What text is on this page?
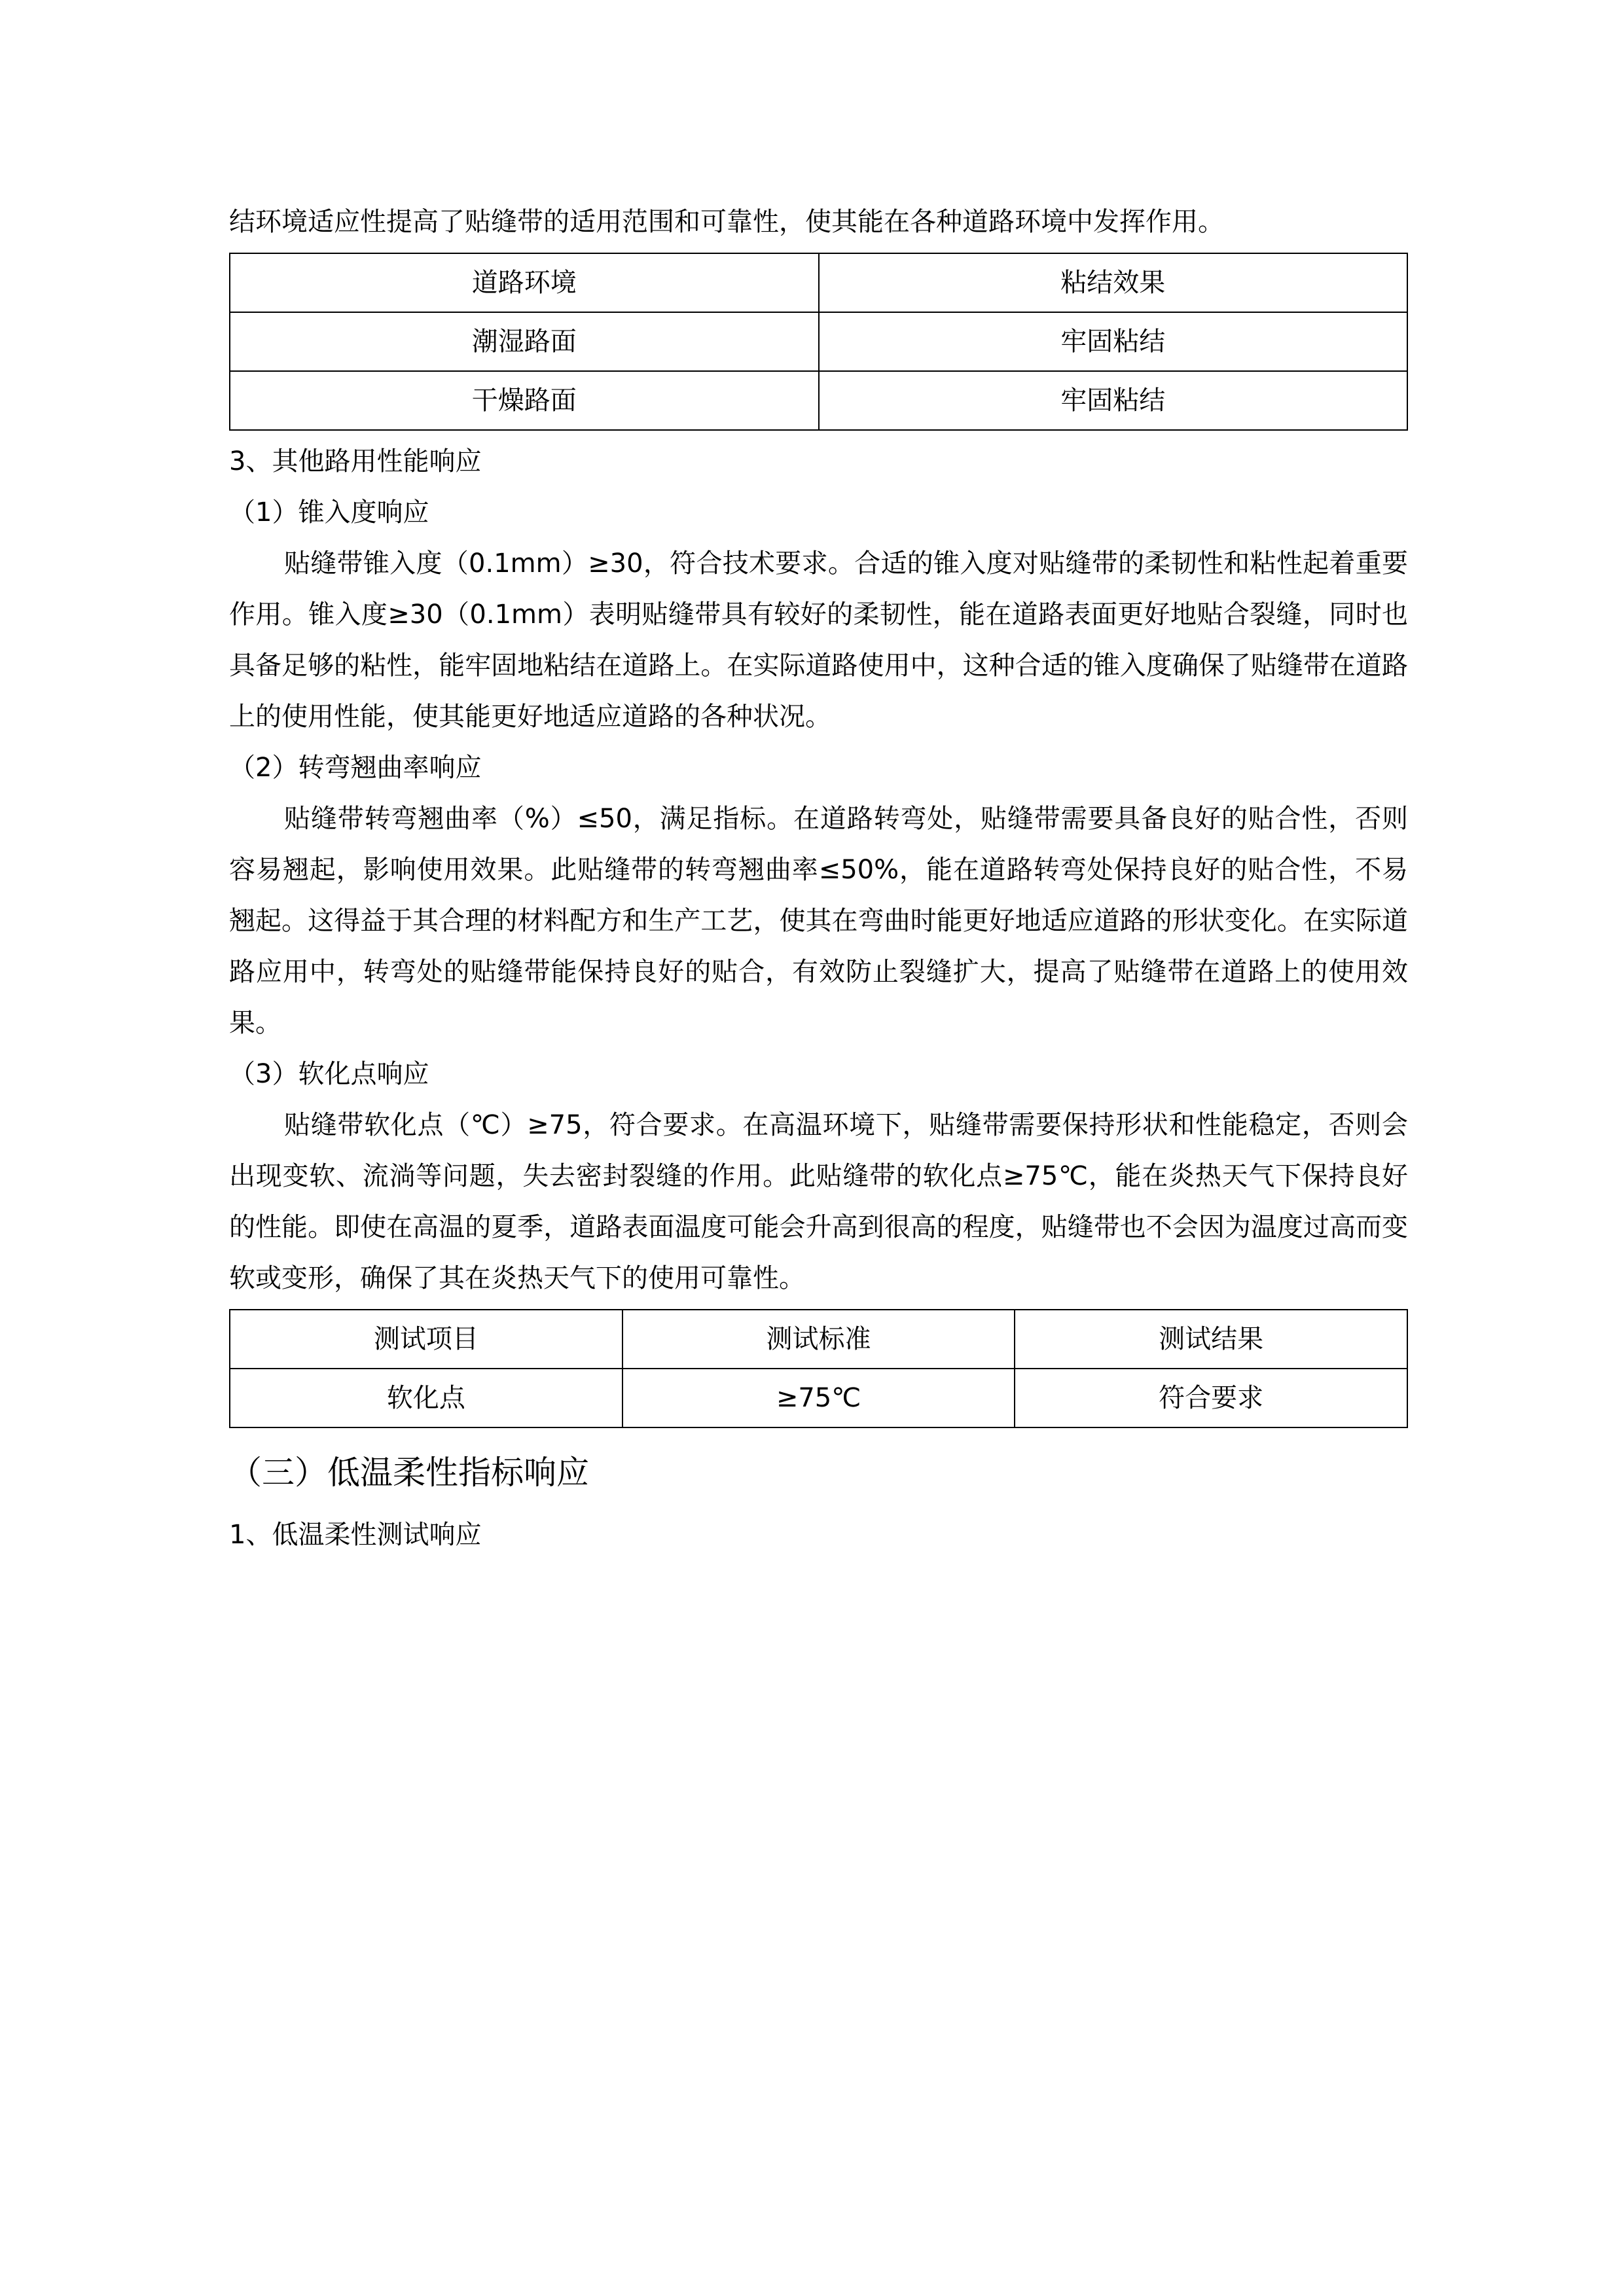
结环境适应性提高了贴缝带的适用范围和可靠性，使其能在各种道路环境中发挥作用。

道路环境	粘结效果
潮湿路面	牢固粘结
干燥路面	牢固粘结

3、其他路用性能响应

（1）锥入度响应

贴缝带锥入度（0.1mm）≥30，符合技术要求。合适的锥入度对贴缝带的柔韧性和粘性起着重要作用。锥入度≥30（0.1mm）表明贴缝带具有较好的柔韧性，能在道路表面更好地贴合裂缝，同时也具备足够的粘性，能牢固地粘结在道路上。在实际道路使用中，这种合适的锥入度确保了贴缝带在道路上的使用性能，使其能更好地适应道路的各种状况。

（2）转弯翘曲率响应

贴缝带转弯翘曲率（%）≤50，满足指标。在道路转弯处，贴缝带需要具备良好的贴合性，否则容易翘起，影响使用效果。此贴缝带的转弯翘曲率≤50%，能在道路转弯处保持良好的贴合性，不易翘起。这得益于其合理的材料配方和生产工艺，使其在弯曲时能更好地适应道路的形状变化。在实际道路应用中，转弯处的贴缝带能保持良好的贴合，有效防止裂缝扩大，提高了贴缝带在道路上的使用效果。

（3）软化点响应

贴缝带软化点（℃）≥75，符合要求。在高温环境下，贴缝带需要保持形状和性能稳定，否则会出现变软、流淌等问题，失去密封裂缝的作用。此贴缝带的软化点≥75℃，能在炎热天气下保持良好的性能。即使在高温的夏季，道路表面温度可能会升高到很高的程度，贴缝带也不会因为温度过高而变软或变形，确保了其在炎热天气下的使用可靠性。

测试项目	测试标准	测试结果
软化点	≥75℃	符合要求

（三）低温柔性指标响应

1、低温柔性测试响应
